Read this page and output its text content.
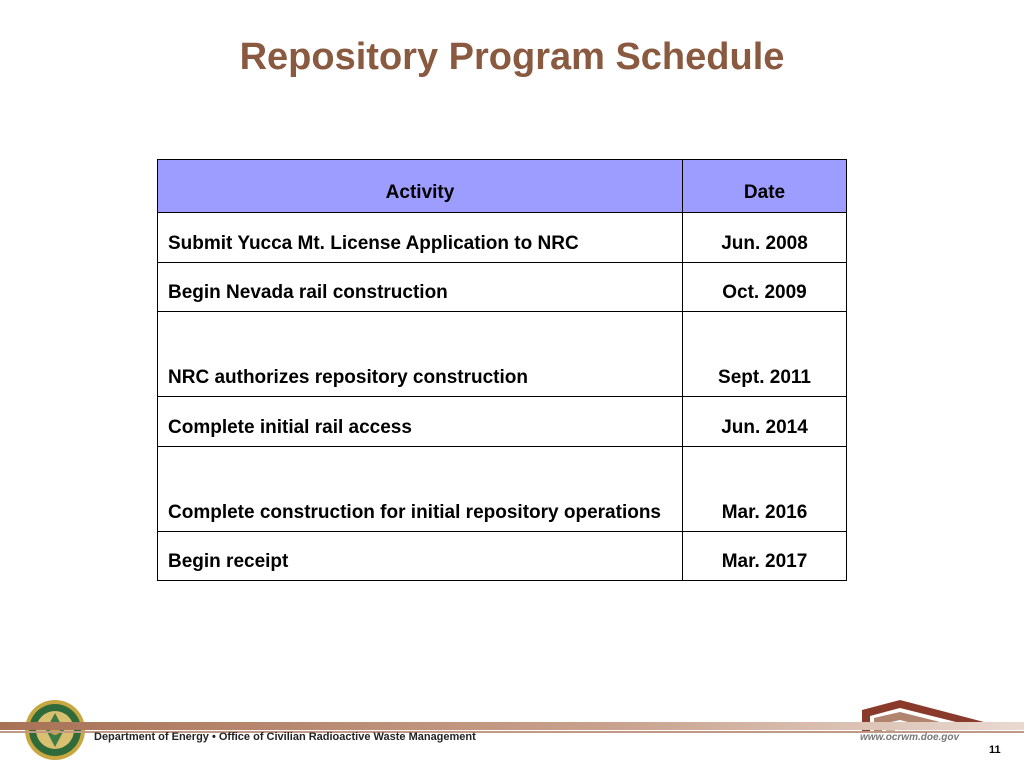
Repository Program Schedule
Activity	Date
Submit Yucca Mt. License Application to NRC	Jun. 2008
Begin Nevada rail construction	Oct. 2009
NRC authorizes repository construction	Sept. 2011
Complete initial rail access	Jun. 2014
Complete construction for initial repository operations	Mar. 2016
Begin receipt	Mar. 2017
Department of Energy • Office of Civilian Radioactive Waste Management	www.ocrwm.doe.gov
11
